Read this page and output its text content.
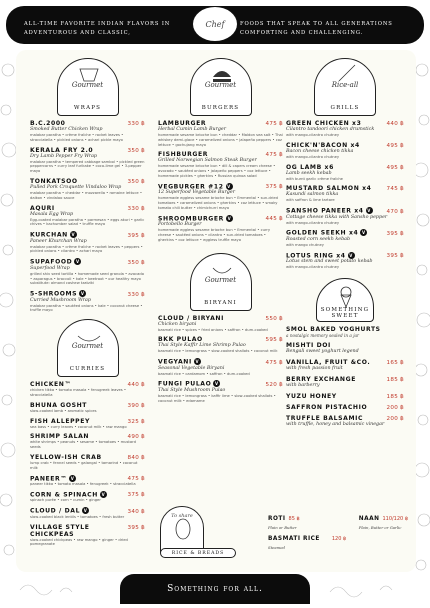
ALL-TIME FAVORITE INDIAN FLAVORS IN
ADVENTUROUS AND CLASSIC,
FOODS THAT SPEAK TO ALL GENERATIONS
COMFORTING AND CHALLENGING.
Chef
Gourmet
WRAPS
B.C.2000	330 ฿
Smoked Butter Chicken Wrap
malabar paratha • crème fraîche • rocket leaves • stracciatella • pickled onions • achari pickle mayo
KERALA FRY 2.0	350 ฿
Dry Lamb Pepper Fry Wrap
malabar paratha • tempered cabbage sambol • pickled green peppercorns • curry leaf furikake • coco-lime gel • 3-pepper mayo
TONKATSOO	350 ฿
Pulled Pork Croquette Vindaloo Wrap
malabar paratha • cheddar • mozzarella • romaine lettuce • daikon • vindaloo sauce
AQURI	330 ฿
Masala Egg Wrap
Egg-coated malabar paratha • parmesan • eggs akuri • garlic chives • kachumber salad • truffle mayo
KURCHAN V	395 ฿
Paneer Khurchan Wrap
malabar paratha • crème fraîche • rocket leaves • peppers • pickled onions • cilantro • achari mayo
SUPAFOOD V	350 ฿
Superfood Wrap
grilled shiv seed tortilla • homemade seed granola • avocado • asparagus • broccoli • kale • beetroot • our healthy mayo substitute: almond cashew tzatziki
5-SHROOMS V	330 ฿
Curried Mushroom Wrap
malabar paratha • sautéed onions • kale • coconut cheese • truffle mayo
Gourmet
CURRIES
CHICKEN™	440 ฿
chicken tikka • tomato masala • fenugreek leaves • stracciatella
BHUNA GOSHT	390 ฿
slow-cooked lamb • aromatic spices
FISH ALLEPPEY	325 ฿
sea bass • curry leaves • coconut milk • raw mango
SHRIMP SALAN	490 ฿
white shrimps • peanuts • sesame • tomatoes • mustard seeds
YELLOW-ISH CRAB	840 ฿
lump crab • fennel seeds • galangal • tamarind • coconut milk
PANEER™ V	475 ฿
paneer tikka • tomato masala • fenugreek • stracciatella
CORN & SPINACH V	375 ฿
spinach purée • corn • cumin • ginger
CLOUD / DAL V	340 ฿
slow-cooked black lentils • tomatoes • fresh butter
VILLAGE STYLE CHICKPEAS
395 ฿
slow-cooked chickpeas • raw mango • ginger • dried pomegranate
Gourmet
BURGERS
LAMBURGER	475 ฿
Herbal Cumin Lamb Burger
homemade sesame brioche bun • cheddar • Maldon sea salt • Thai whiskey demi-glace • caramelized onions • jalapeño peppers • coz lettuce • gochujang mayo
FISHBURGER	475 ฿
Grilled Norwegian Salmon Steak Burger
homemade sesame brioche bun • dill & capers cream cheese • avocado • sautéed onions • jalapeño peppers • coz lettuce • homemade pickles • gherkins • Russian quinoa salad
VEGBURGER #12 V	375 ฿
12 Superfood Vegetable Burger
homemade eggless sesame brioche bun • Emmental • sun-dried tomatoes • caramelized onions • gherkins • coz lettuce • smoky tomato chili butter • chimichurri mayo
SHROOMBURGER V	445 ฿
Portobello Burger
homemade eggless sesame brioche bun • Emmental • curry cheese • sautéed onions • cilantro • sun-dried tomatoes • gherkins • coz lettuce • eggless truffle mayo
Gourmet
BIRYANI
CLOUD / BIRYANI	550 ฿
Chicken biryani
basmati rice • spices • fried onions • saffron • dum-cooked
BKK PULAO	595 ฿
Thai Style Kaffir Lime Shrimp Pulao
basmati rice • lemongrass • slow-cooked shallots • coconut milk
VEGYANI V	475 ฿
Seasonal Vegetable Biryani
basmati rice • cardamom • saffron • dum-cooked
FUNGI PULAO V	520 ฿
Thai Style Mushroom Pulao
basmati rice • lemongrass • kaffir lime • slow-cooked shallots • coconut milk • edamame
Rice-all
GRILLS
GREEN CHICKEN x3	440 ฿
Cilantro tandoori chicken drumstick
with mango-cilantro chutney
CHICK'N'BACON x4	495 ฿
Bacon cheese chicken tikka
with mango-cilantro chutney
OG LAMB x6	495 ฿
Lamb seekh kebab
with burnt garlic crème fraîche
MUSTARD SALMON x4	745 ฿
Kasundi salmon tikka
with saffron & lime tartare
SANSHO PANEER x4 V	470 ฿
Cottage cheese tikka with Sansho pepper
with mango-cilantro chutney
GOLDEN SEEKH x4 V	395 ฿
Roasted corn seekh kebab
with mango chutney
LOTUS RING x4 V	395 ฿
Lotus stem and sweet potato kebab
with mango-cilantro chutney
SOMETHING SWEET
SMOL BAKED YOGHURTS
a nostalgic memory sealed in a jar
MISHTI DOI
Bengali sweet yoghurt legend
VANILLA, FRUIT &CO.	165 ฿
with fresh passion fruit
BERRY EXCHANGE	185 ฿
with barberry
YUZU HONEY	185 ฿
SAFFRON PISTACHIO	200 ฿
TRUFFLE BALSAMIC	200 ฿
with truffle, honey and balsamic vinegar
To share
RICE & BREADS
ROTI 85 ฿
Plain or Butter
NAAN 110/120 ฿
Plain, Butter or Garlic
BASMATI RICE 120 ฿
Steamed
Something for all.
